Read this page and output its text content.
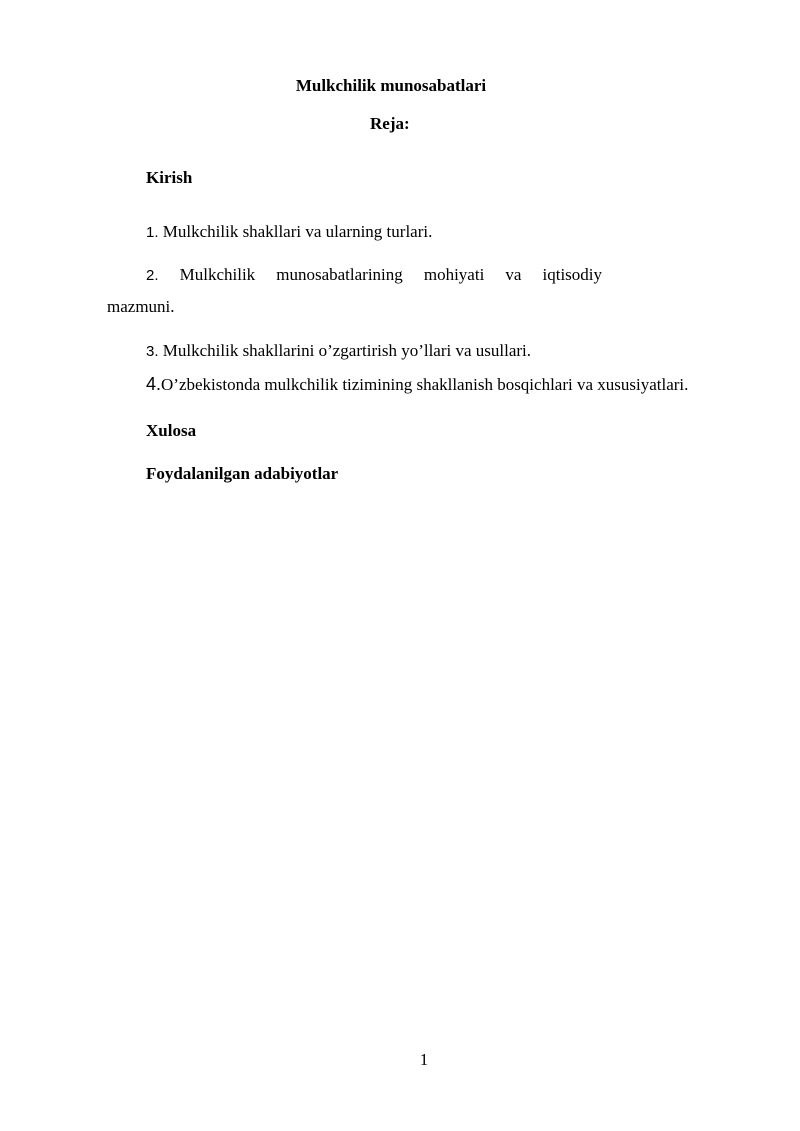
Mulkchilik munosabatlari
Reja:
Kirish
1. Mulkchilik shakllari va ularning turlari.
2. Mulkchilik munosabatlarining mohiyati va iqtisodiy
mazmuni.
3. Mulkchilik shakllarini o’zgartirish yo’llari va usullari.
4.O’zbekistonda mulkchilik tizimining shakllanish bosqichlari va xususiyatlari.
Xulosa
Foydalanilgan adabiyotlar
1
